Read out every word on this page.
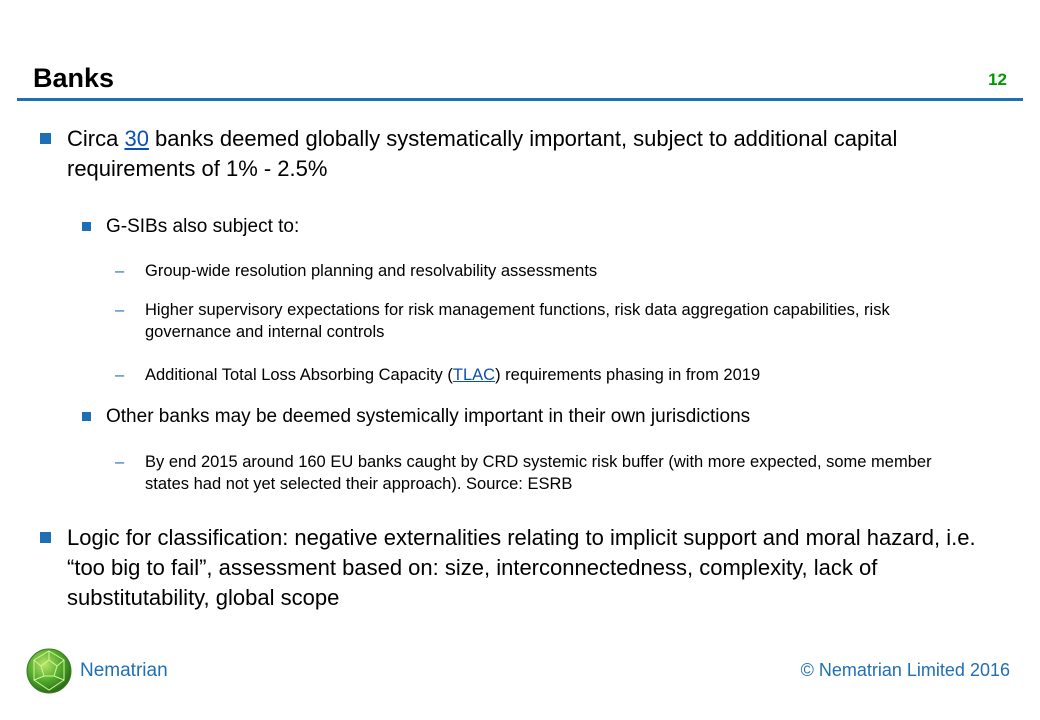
Banks	12
Circa 30 banks deemed globally systematically important, subject to additional capital requirements of 1% - 2.5%
G-SIBs also subject to:
–	Group-wide resolution planning and resolvability assessments
–	Higher supervisory expectations for risk management functions, risk data aggregation capabilities, risk governance and internal controls
–	Additional Total Loss Absorbing Capacity (TLAC) requirements phasing in from 2019
Other banks may be deemed systemically important in their own jurisdictions
–	By end 2015 around 160 EU banks caught by CRD systemic risk buffer (with more expected, some member states had not yet selected their approach). Source: ESRB
Logic for classification: negative externalities relating to implicit support and moral hazard, i.e. “too big to fail”, assessment based on: size, interconnectedness, complexity, lack of substitutability, global scope
Nematrian	© Nematrian Limited 2016
